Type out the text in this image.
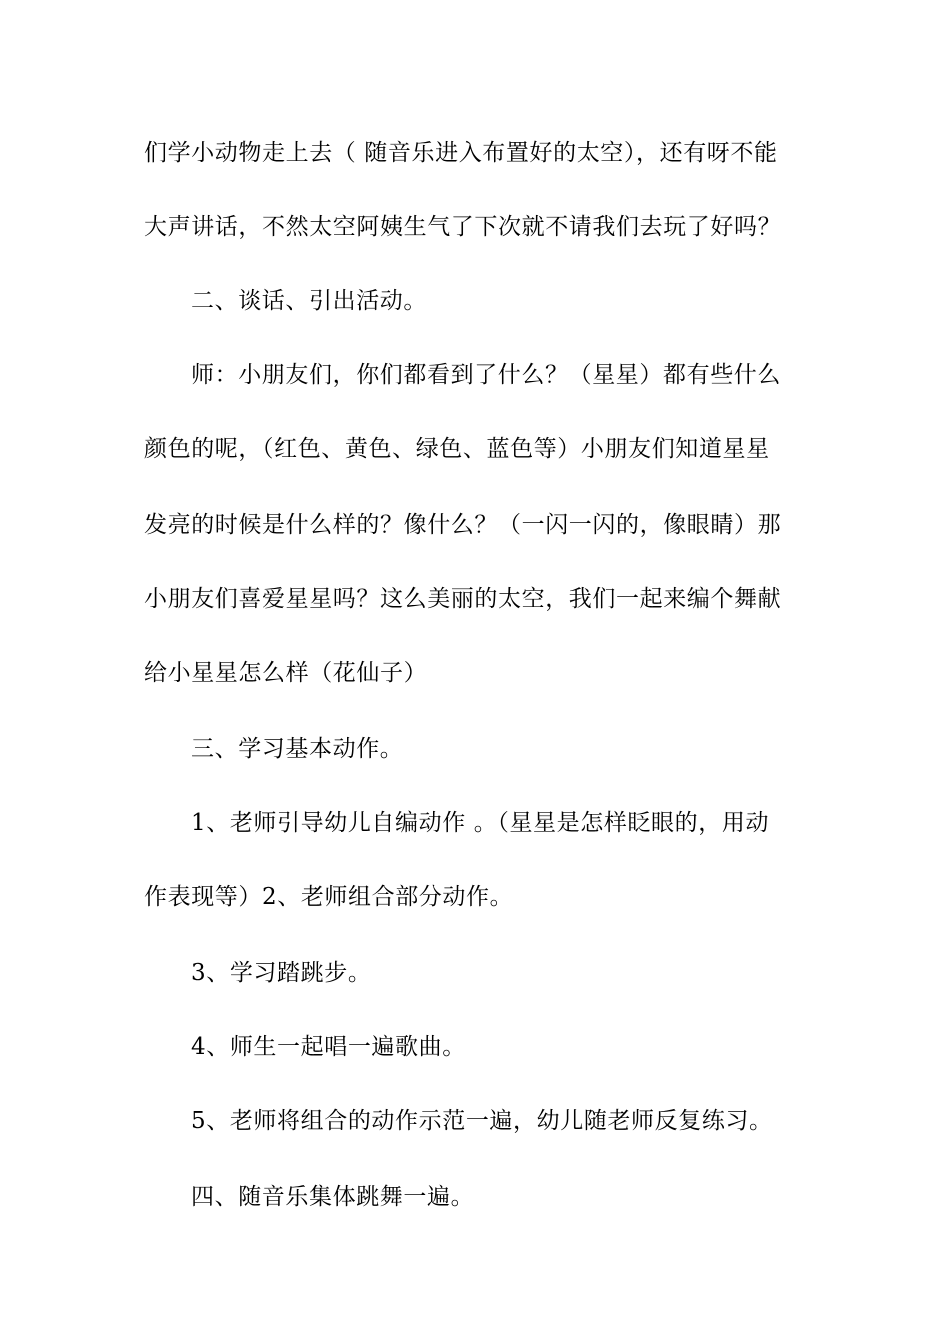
们学小动物走上去（ 随音乐进入布置好的太空），还有呀不能
大声讲话，不然太空阿姨生气了下次就不请我们去玩了好吗？
二、谈话、引出活动。
师：小朋友们，你们都看到了什么？（星星）都有些什么
颜色的呢，（红色、黄色、绿色、蓝色等）小朋友们知道星星
发亮的时候是什么样的？像什么？（一闪一闪的，像眼睛）那
小朋友们喜爱星星吗？这么美丽的太空，我们一起来编个舞献
给小星星怎么样（花仙子）
三、学习基本动作。
1、老师引导幼儿自编动作 。（星星是怎样眨眼的，用动
作表现等）2、老师组合部分动作。
3、学习踏跳步。
4、师生一起唱一遍歌曲。
5、老师将组合的动作示范一遍，幼儿随老师反复练习。
四、随音乐集体跳舞一遍。
